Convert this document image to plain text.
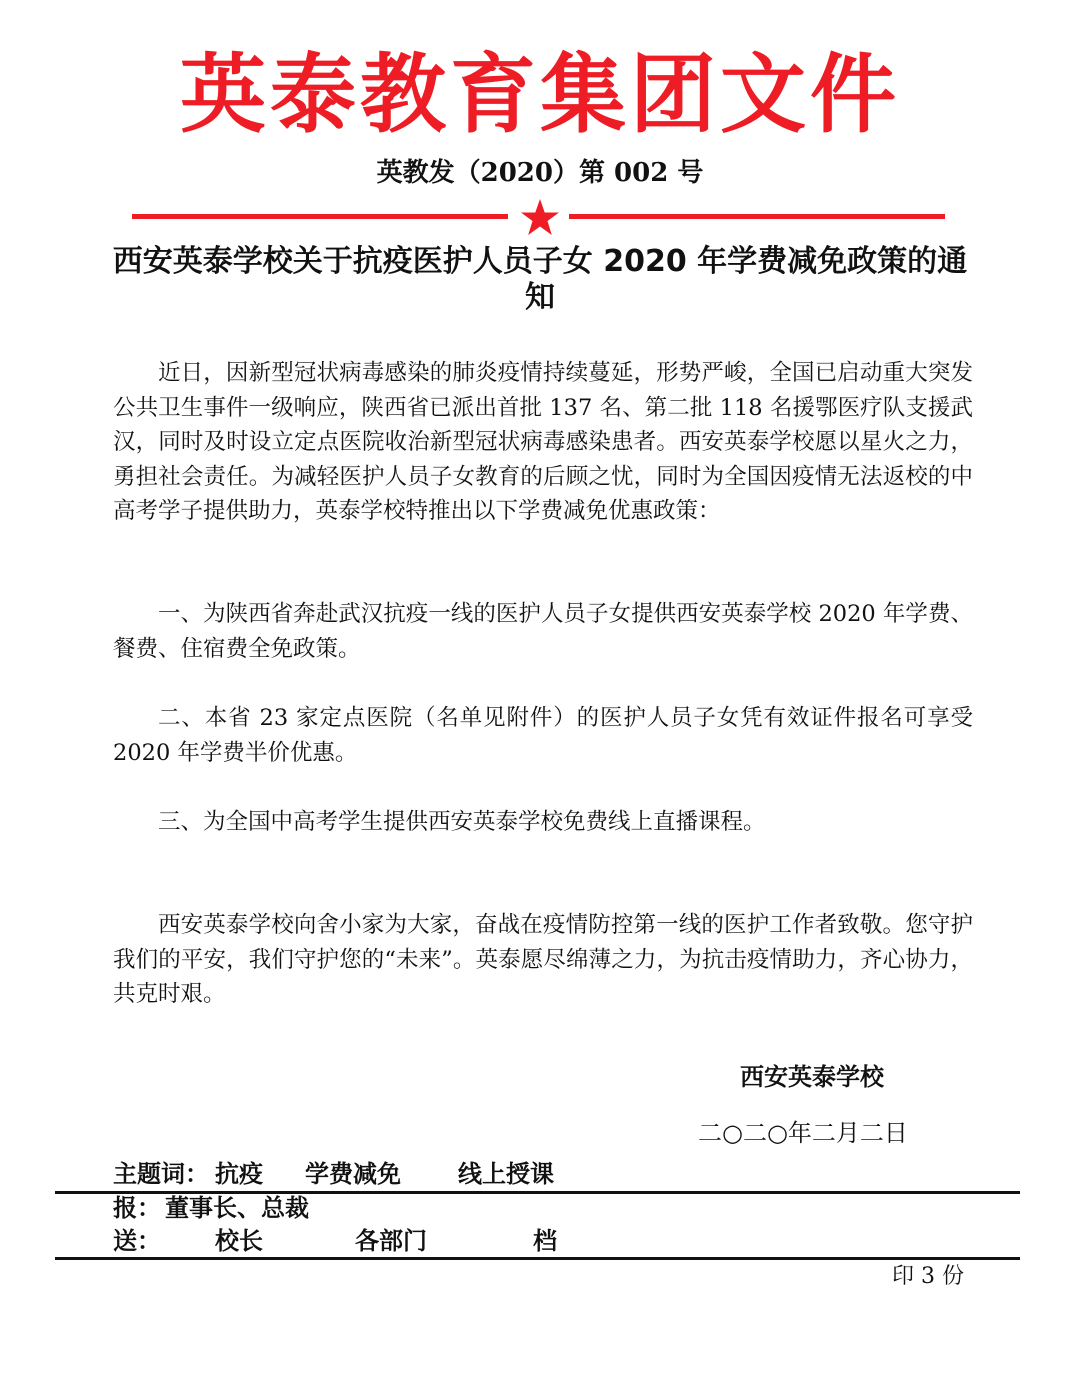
英泰教育集团文件
英教发（2020）第 002 号
西安英泰学校关于抗疫医护人员子女 2020 年学费减免政策的通知

近日，因新型冠状病毒感染的肺炎疫情持续蔓延，形势严峻，全国已启动重大突发公共卫生事件一级响应，陕西省已派出首批 137 名、第二批 118 名援鄂医疗队支援武汉，同时及时设立定点医院收治新型冠状病毒感染患者。西安英泰学校愿以星火之力，勇担社会责任。为减轻医护人员子女教育的后顾之忧，同时为全国因疫情无法返校的中高考学子提供助力，英泰学校特推出以下学费减免优惠政策：

一、为陕西省奔赴武汉抗疫一线的医护人员子女提供西安英泰学校 2020 年学费、餐费、住宿费全免政策。

二、本省 23 家定点医院（名单见附件）的医护人员子女凭有效证件报名可享受 2020 年学费半价优惠。

三、为全国中高考学生提供西安英泰学校免费线上直播课程。

西安英泰学校向舍小家为大家，奋战在疫情防控第一线的医护工作者致敬。您守护我们的平安，我们守护您的“未来”。英泰愿尽绵薄之力，为抗击疫情助力，齐心协力，共克时艰。

西安英泰学校
二○二○年二月二日
主题词： 抗疫 学费减免 线上授课
报： 董事长、总裁
送： 校长	各部门	档
印 3 份
